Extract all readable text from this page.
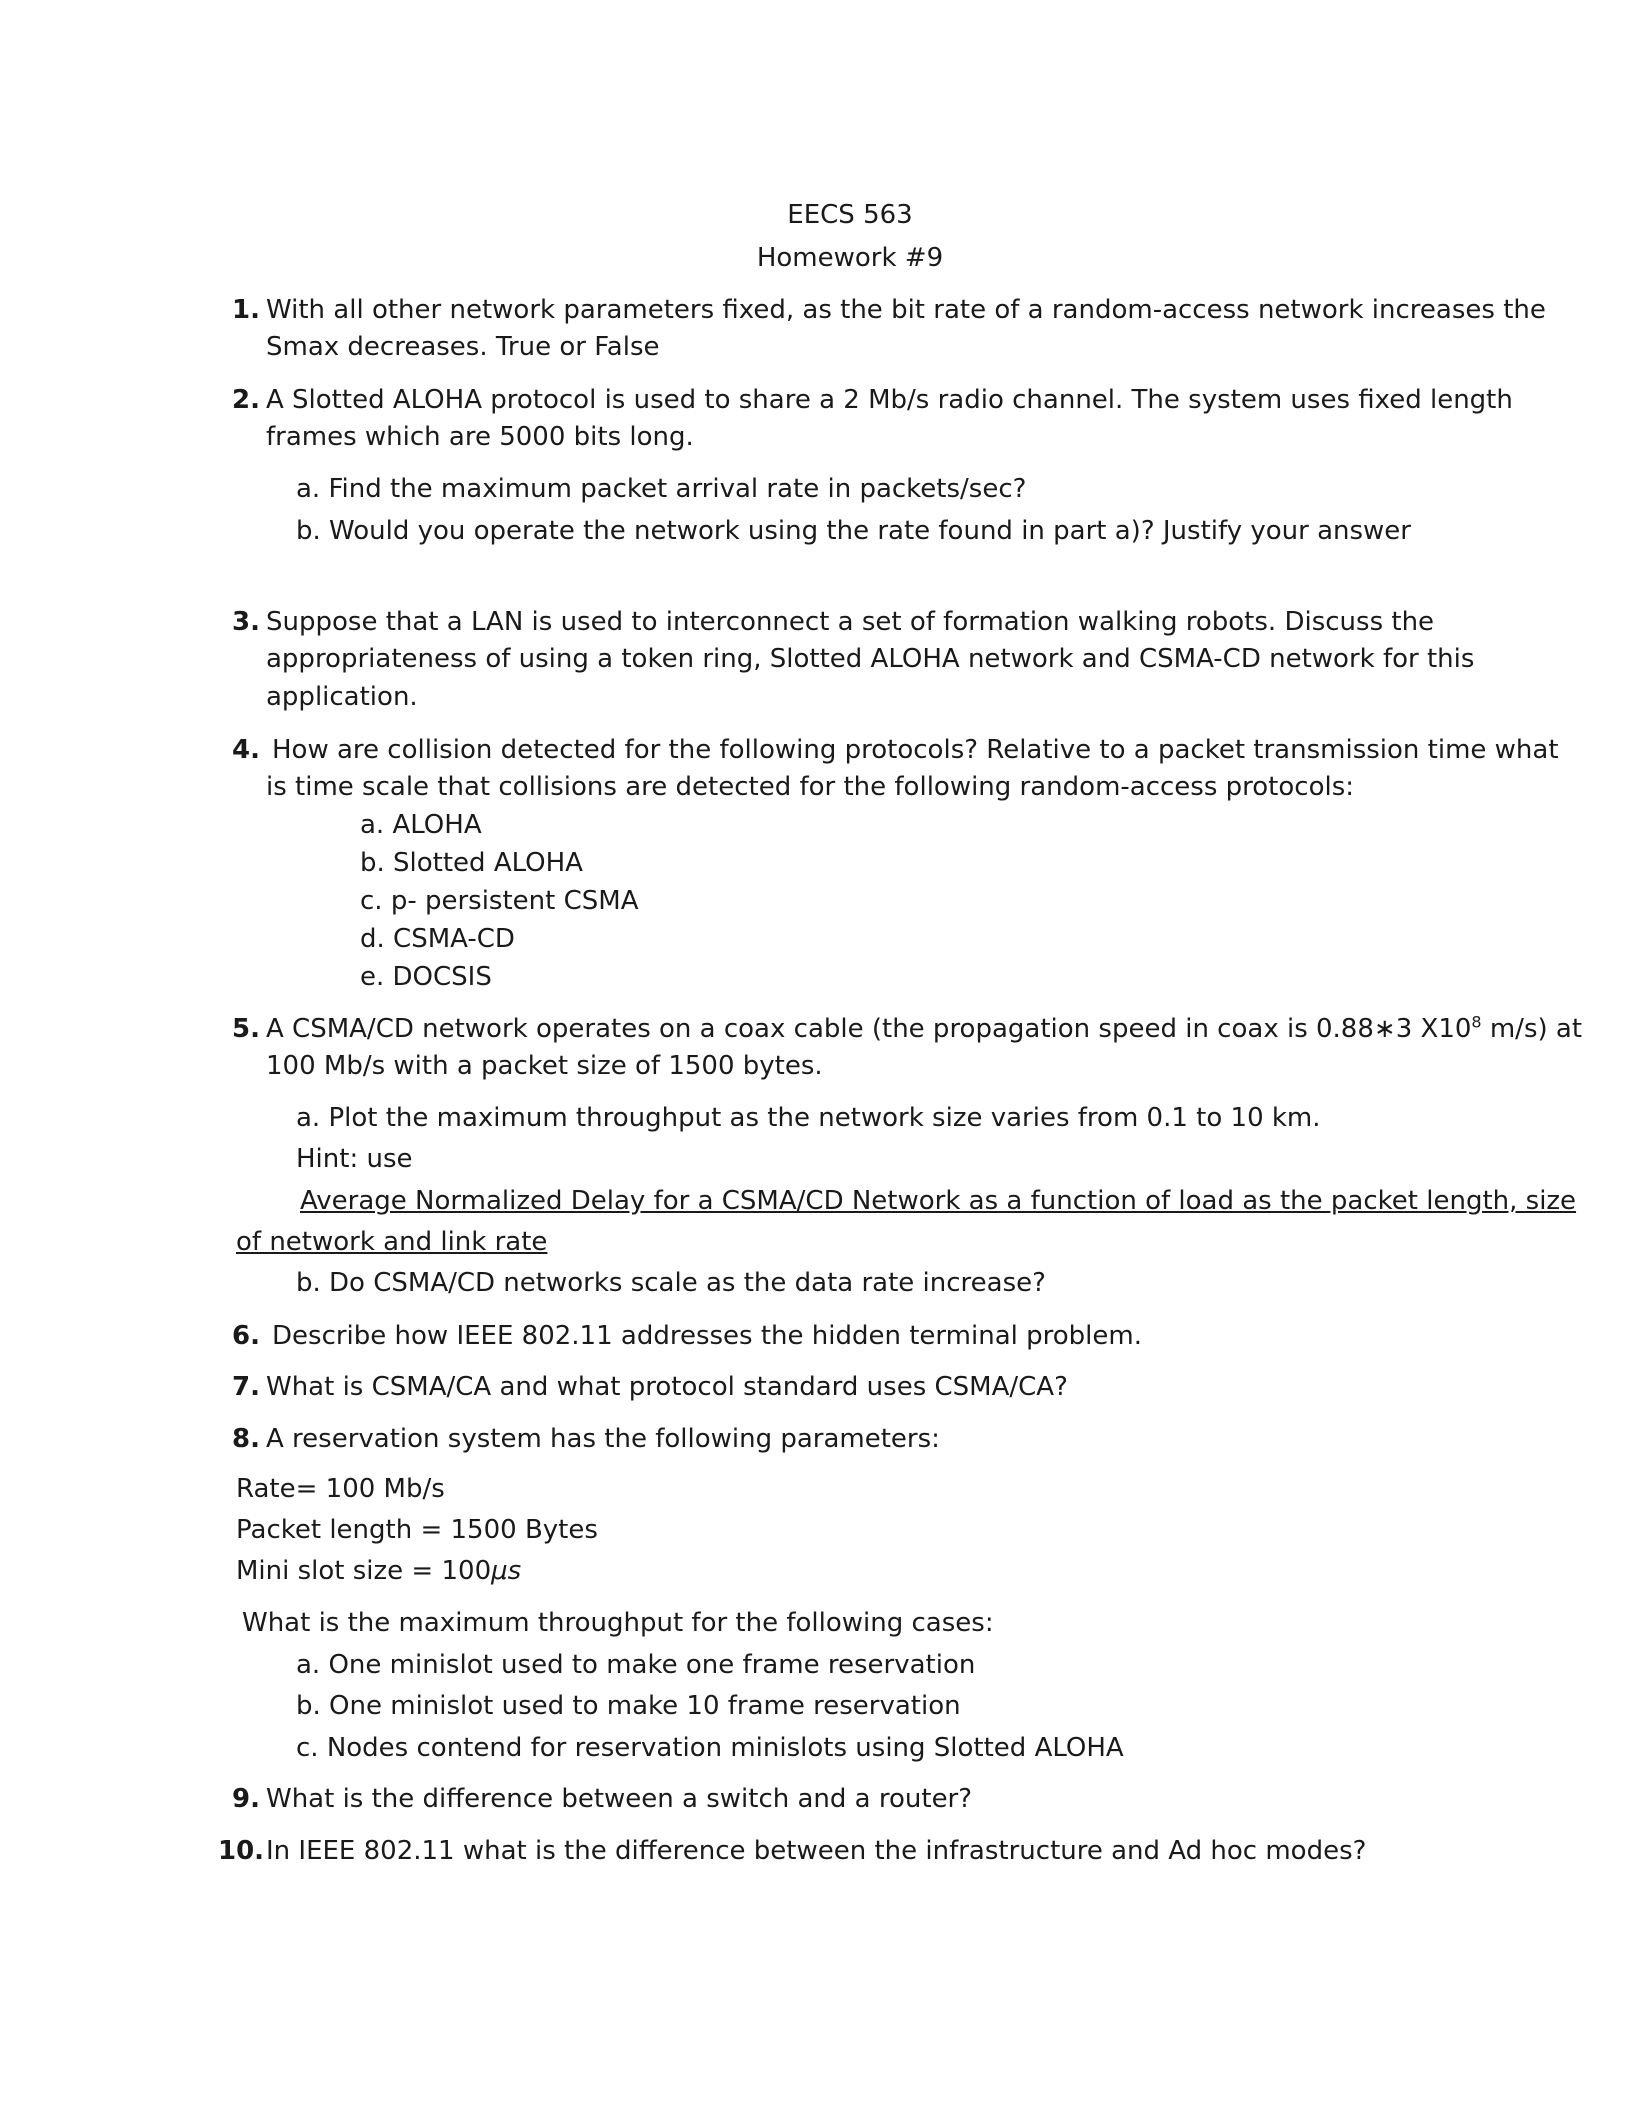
EECS 563
Homework #9
1. With all other network parameters fixed, as the bit rate of a random-access network increases the
Smax decreases. True or False
2. A Slotted ALOHA protocol is used to share a 2 Mb/s radio channel. The system uses fixed length
frames which are 5000 bits long.
a. Find the maximum packet arrival rate in packets/sec?
b. Would you operate the network using the rate found in part a)? Justify your answer
3. Suppose that a LAN is used to interconnect a set of formation walking robots. Discuss the
appropriateness of using a token ring, Slotted ALOHA network and CSMA-CD network for this
application.
4. How are collision detected for the following protocols? Relative to a packet transmission time what
is time scale that collisions are detected for the following random-access protocols:
a. ALOHA
b. Slotted ALOHA
c. p- persistent CSMA
d. CSMA-CD
e. DOCSIS
5. A CSMA/CD network operates on a coax cable (the propagation speed in coax is 0.88∗3 $X10^8$ m/s) at
100 Mb/s with a packet size of 1500 bytes.
a. Plot the maximum throughput as the network size varies from 0.1 to 10 km.
Hint: use
Average Normalized Delay for a CSMA/CD Network as a function of load as the packet length, size
of network and link rate
b. Do CSMA/CD networks scale as the data rate increase?
6. Describe how IEEE 802.11 addresses the hidden terminal problem.
7. What is CSMA/CA and what protocol standard uses CSMA/CA?
8. A reservation system has the following parameters:
Rate= 100 Mb/s
Packet length = 1500 Bytes
Mini slot size = 100μs
What is the maximum throughput for the following cases:
a. One minislot used to make one frame reservation
b. One minislot used to make 10 frame reservation
c. Nodes contend for reservation minislots using Slotted ALOHA
9. What is the difference between a switch and a router?
10. In IEEE 802.11 what is the difference between the infrastructure and Ad hoc modes?
